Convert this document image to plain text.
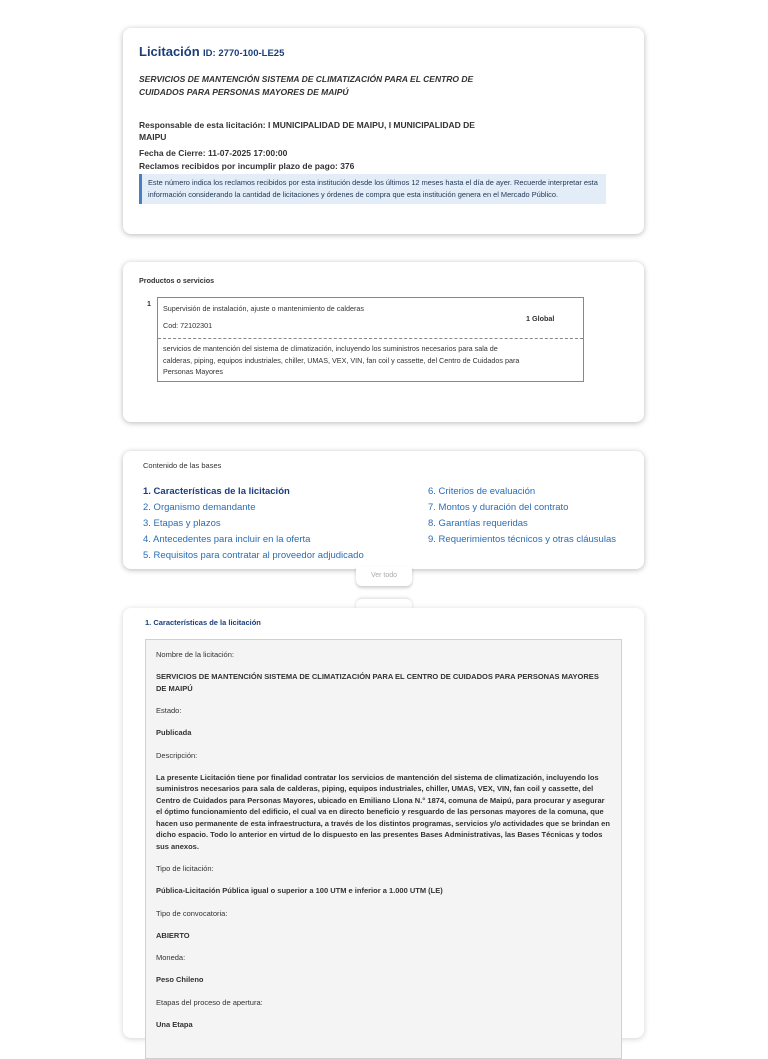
Licitación ID: 2770-100-LE25
SERVICIOS DE MANTENCIÓN SISTEMA DE CLIMATIZACIÓN PARA EL CENTRO DE CUIDADOS PARA PERSONAS MAYORES DE MAIPÚ
Responsable de esta licitación: I MUNICIPALIDAD DE MAIPU, I MUNICIPALIDAD DE MAIPU
Fecha de Cierre: 11-07-2025 17:00:00
Reclamos recibidos por incumplir plazo de pago: 376
Este número indica los reclamos recibidos por esta institución desde los últimos 12 meses hasta el día de ayer. Recuerde interpretar esta información considerando la cantidad de licitaciones y órdenes de compra que esta institución genera en el Mercado Público.
Productos o servicios
1
Supervisión de instalación, ajuste o mantenimiento de calderas
Cod: 72102301
1 Global
servicios de mantención del sistema de climatización, incluyendo los suministros necesarios para sala de calderas, piping, equipos industriales, chiller, UMAS, VEX, VIN, fan coil y cassette, del Centro de Cuidados para Personas Mayores
Contenido de las bases
1. Características de la licitación
2. Organismo demandante
3. Etapas y plazos
4. Antecedentes para incluir en la oferta
5. Requisitos para contratar al proveedor adjudicado
6. Criterios de evaluación
7. Montos y duración del contrato
8. Garantías requeridas
9. Requerimientos técnicos y otras cláusulas
Ver todo
1. Características de la licitación
Nombre de la licitación:
SERVICIOS DE MANTENCIÓN SISTEMA DE CLIMATIZACIÓN PARA EL CENTRO DE CUIDADOS PARA PERSONAS MAYORES DE MAIPÚ
Estado:
Publicada
Descripción:
La presente Licitación tiene por finalidad contratar los servicios de mantención del sistema de climatización, incluyendo los suministros necesarios para sala de calderas, piping, equipos industriales, chiller, UMAS, VEX, VIN, fan coil y cassette, del Centro de Cuidados para Personas Mayores, ubicado en Emiliano Llona N.° 1874, comuna de Maipú, para procurar y asegurar el óptimo funcionamiento del edificio, el cual va en directo beneficio y resguardo de las personas mayores de la comuna, que hacen uso permanente de esta infraestructura, a través de los distintos programas, servicios y/o actividades que se brindan en dicho espacio. Todo lo anterior en virtud de lo dispuesto en las presentes Bases Administrativas, las Bases Técnicas y todos sus anexos.
Tipo de licitación:
Pública-Licitación Pública igual o superior a 100 UTM e inferior a 1.000 UTM (LE)
Tipo de convocatoria:
ABIERTO
Moneda:
Peso Chileno
Etapas del proceso de apertura:
Una Etapa
